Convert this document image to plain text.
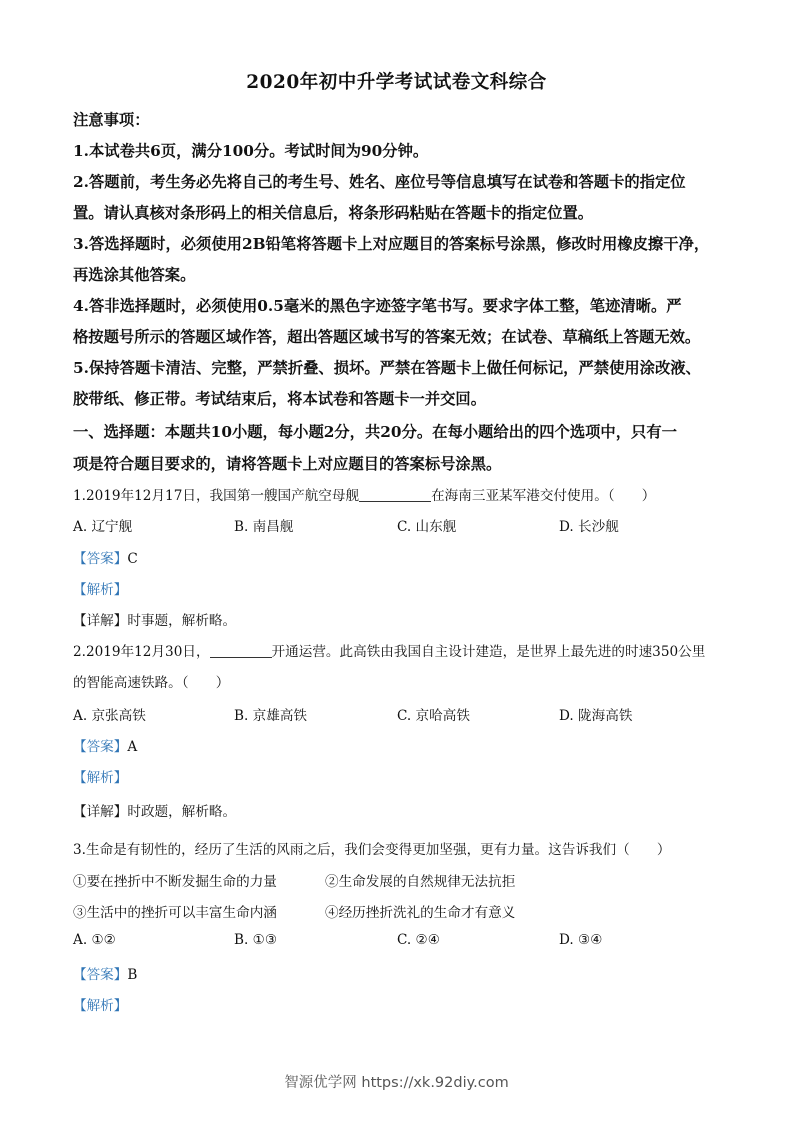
2020年初中升学考试试卷文科综合
注意事项：
1.本试卷共6页，满分100分。考试时间为90分钟。
2.答题前，考生务必先将自己的考生号、姓名、座位号等信息填写在试卷和答题卡的指定位
置。请认真核对条形码上的相关信息后，将条形码粘贴在答题卡的指定位置。
3.答选择题时，必须使用2B铅笔将答题卡上对应题目的答案标号涂黑，修改时用橡皮擦干净，
再选涂其他答案。
4.答非选择题时，必须使用0.5毫米的黑色字迹签字笔书写。要求字体工整，笔迹清晰。严
格按题号所示的答题区域作答，超出答题区域书写的答案无效；在试卷、草稿纸上答题无效。
5.保持答题卡清洁、完整，严禁折叠、损坏。严禁在答题卡上做任何标记，严禁使用涂改液、
胶带纸、修正带。考试结束后，将本试卷和答题卡一并交回。
一、选择题：本题共10小题，每小题2分，共20分。在每小题给出的四个选项中，只有一
项是符合题目要求的，请将答题卡上对应题目的答案标号涂黑。
1.2019年12月17日，我国第一艘国产航空母舰	在海南三亚某军港交付使用。（　　）
A. 辽宁舰	B. 南昌舰	C. 山东舰	D. 长沙舰
【答案】C
【解析】
【详解】时事题，解析略。
2.2019年12月30日，	开通运营。此高铁由我国自主设计建造，是世界上最先进的时速350公里
的智能高速铁路。（　　）
A. 京张高铁	B. 京雄高铁	C. 京哈高铁	D. 陇海高铁
【答案】A
【解析】
【详解】时政题，解析略。
3.生命是有韧性的，经历了生活的风雨之后，我们会变得更加坚强，更有力量。这告诉我们（　　）
①要在挫折中不断发掘生命的力量	②生命发展的自然规律无法抗拒
③生活中的挫折可以丰富生命内涵	④经历挫折洗礼的生命才有意义
A. ①②	B. ①③	C. ②④	D. ③④
【答案】B
【解析】
智源优学网 https://xk.92diy.com
